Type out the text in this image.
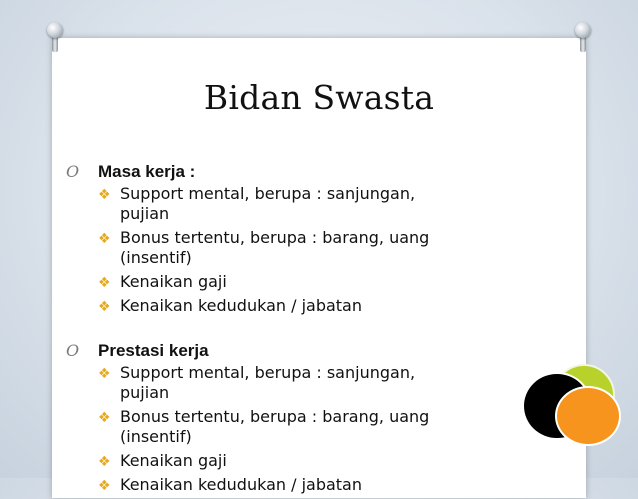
Bidan Swasta
O Masa kerja :
❖ Support mental, berupa : sanjungan, pujian
❖ Bonus tertentu, berupa : barang, uang (insentif)
❖ Kenaikan gaji
❖ Kenaikan kedudukan / jabatan
O Prestasi kerja
❖ Support mental, berupa : sanjungan, pujian
❖ Bonus tertentu, berupa : barang, uang (insentif)
❖ Kenaikan gaji
❖ Kenaikan kedudukan / jabatan
